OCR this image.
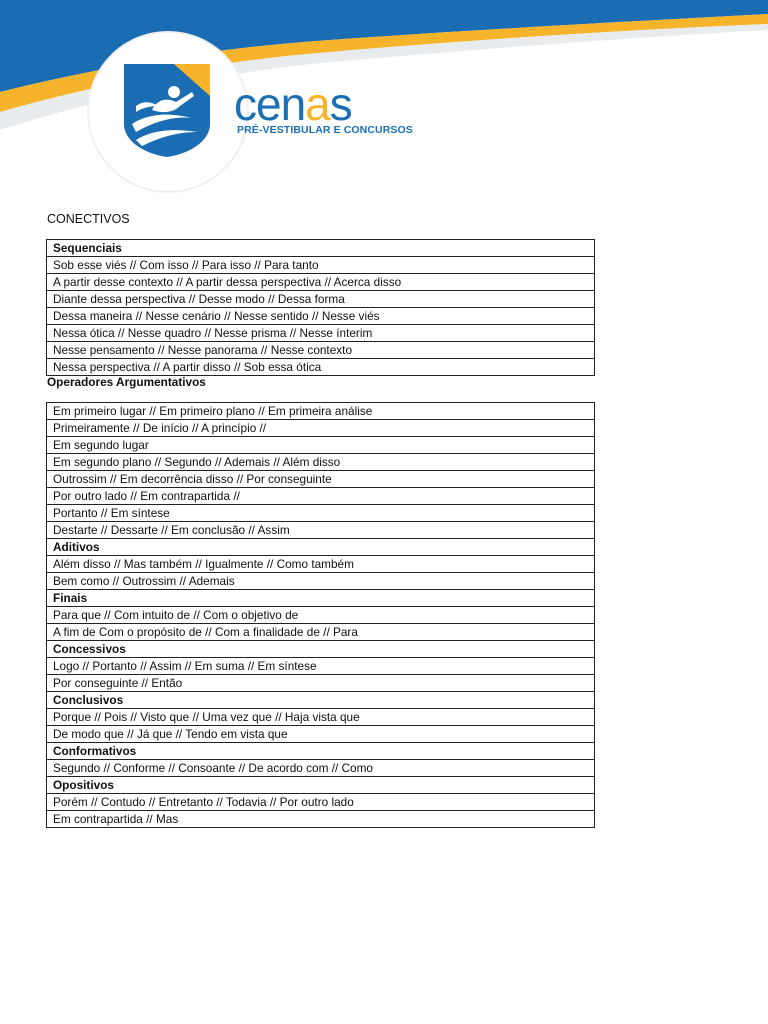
cenas
PRÉ-VESTIBULAR E CONCURSOS
CONECTIVOS
Sequenciais
Sob esse viés // Com isso // Para isso // Para tanto
A partir desse contexto // A partir dessa perspectiva // Acerca disso
Diante dessa perspectiva // Desse modo // Dessa forma
Dessa maneira // Nesse cenário // Nesse sentido // Nesse viés
Nessa ótica // Nesse quadro // Nesse prisma // Nesse ínterim
Nesse pensamento // Nesse panorama // Nesse contexto
Nessa perspectiva // A partir disso // Sob essa ótica
Operadores Argumentativos
Em primeiro lugar // Em primeiro plano // Em primeira análise
Primeiramente // De início // A princípio //
Em segundo lugar
Em segundo plano // Segundo // Ademais // Além disso
Outrossim // Em decorrência disso // Por conseguinte
Por outro lado // Em contrapartida //
Portanto // Em síntese
Destarte // Dessarte // Em conclusão // Assim
Aditivos
Além disso // Mas também // Igualmente // Como também
Bem como // Outrossim // Ademais
Finais
Para que // Com intuito de // Com o objetivo de
A fim de Com o propósito de // Com a finalidade de // Para
Concessivos
Logo // Portanto // Assim // Em suma // Em síntese
Por conseguinte // Então
Conclusivos
Porque // Pois // Visto que // Uma vez que // Haja vista que
De modo que // Já que // Tendo em vista que
Conformativos
Segundo // Conforme // Consoante // De acordo com // Como
Opositivos
Porém // Contudo // Entretanto // Todavia // Por outro lado
Em contrapartida // Mas
